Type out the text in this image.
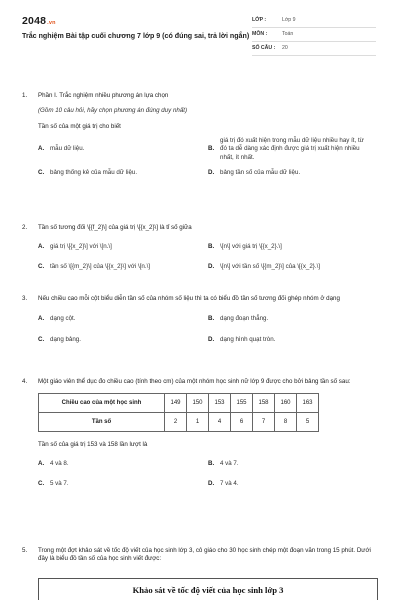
2048.vn
Trắc nghiệm Bài tập cuối chương 7 lớp 9 (có đúng sai, trả lời ngắn)
LỚP :	Lớp 9
MÔN :	Toán
SỐ CÂU :	20
1.	Phần I. Trắc nghiệm nhiều phương án lựa chọn
(Gồm 10 câu hỏi, hãy chọn phương án đúng duy nhất)
Tần số của một giá trị cho biết
A. mẫu dữ liệu.	B.
giá trị đó xuất hiện trong mẫu dữ liệu nhiều hay ít, từ đó ta dễ dàng xác định được giá trị xuất hiện nhiều nhất, ít nhất.
C. bảng thống kê của mẫu dữ liệu.	D. bảng tần số của mẫu dữ liệu.
2.	Tần số tương đối \[{f_2}\] của giá trị \[{x_2}\] là tỉ số giữa
A. giá trị \[{x_2}\] với \[n.\]	B. \[n\] với giá trị \[{x_2}.\]
C. tần số \[{m_2}\] của \[{x_2}\] với \[n.\]	D. \[n\] với tần số \[{m_2}\] của \[{x_2}.\]
3.	Nếu chiều cao mỗi cột biểu diễn tần số của nhóm số liệu thì ta có biểu đồ tần số tương đối ghép nhóm ở dạng
A. dạng cột.	B. dạng đoạn thẳng.
C. dạng bảng.	D. dạng hình quạt tròn.
4.	Một giáo viên thể dục đo chiều cao (tính theo cm) của một nhóm học sinh nữ lớp 9 được cho bởi bảng tần số sau:
Chiều cao của một học sinh	149	150	153	155	158	160	163
Tần số	2	1	4	6	7	8	5
Tần số của giá trị 153 và 158 lần lượt là
A. 4 và 8.	B. 4 và 7.
C. 5 và 7.	D. 7 và 4.
5.	Trong một đợt khảo sát về tốc độ viết của học sinh lớp 3, cô giáo cho 30 học sinh chép một đoạn văn trong 15 phút. Dưới đây là biểu đồ tần số của học sinh viết được:
Khảo sát về tốc độ viết của học sinh lớp 3
